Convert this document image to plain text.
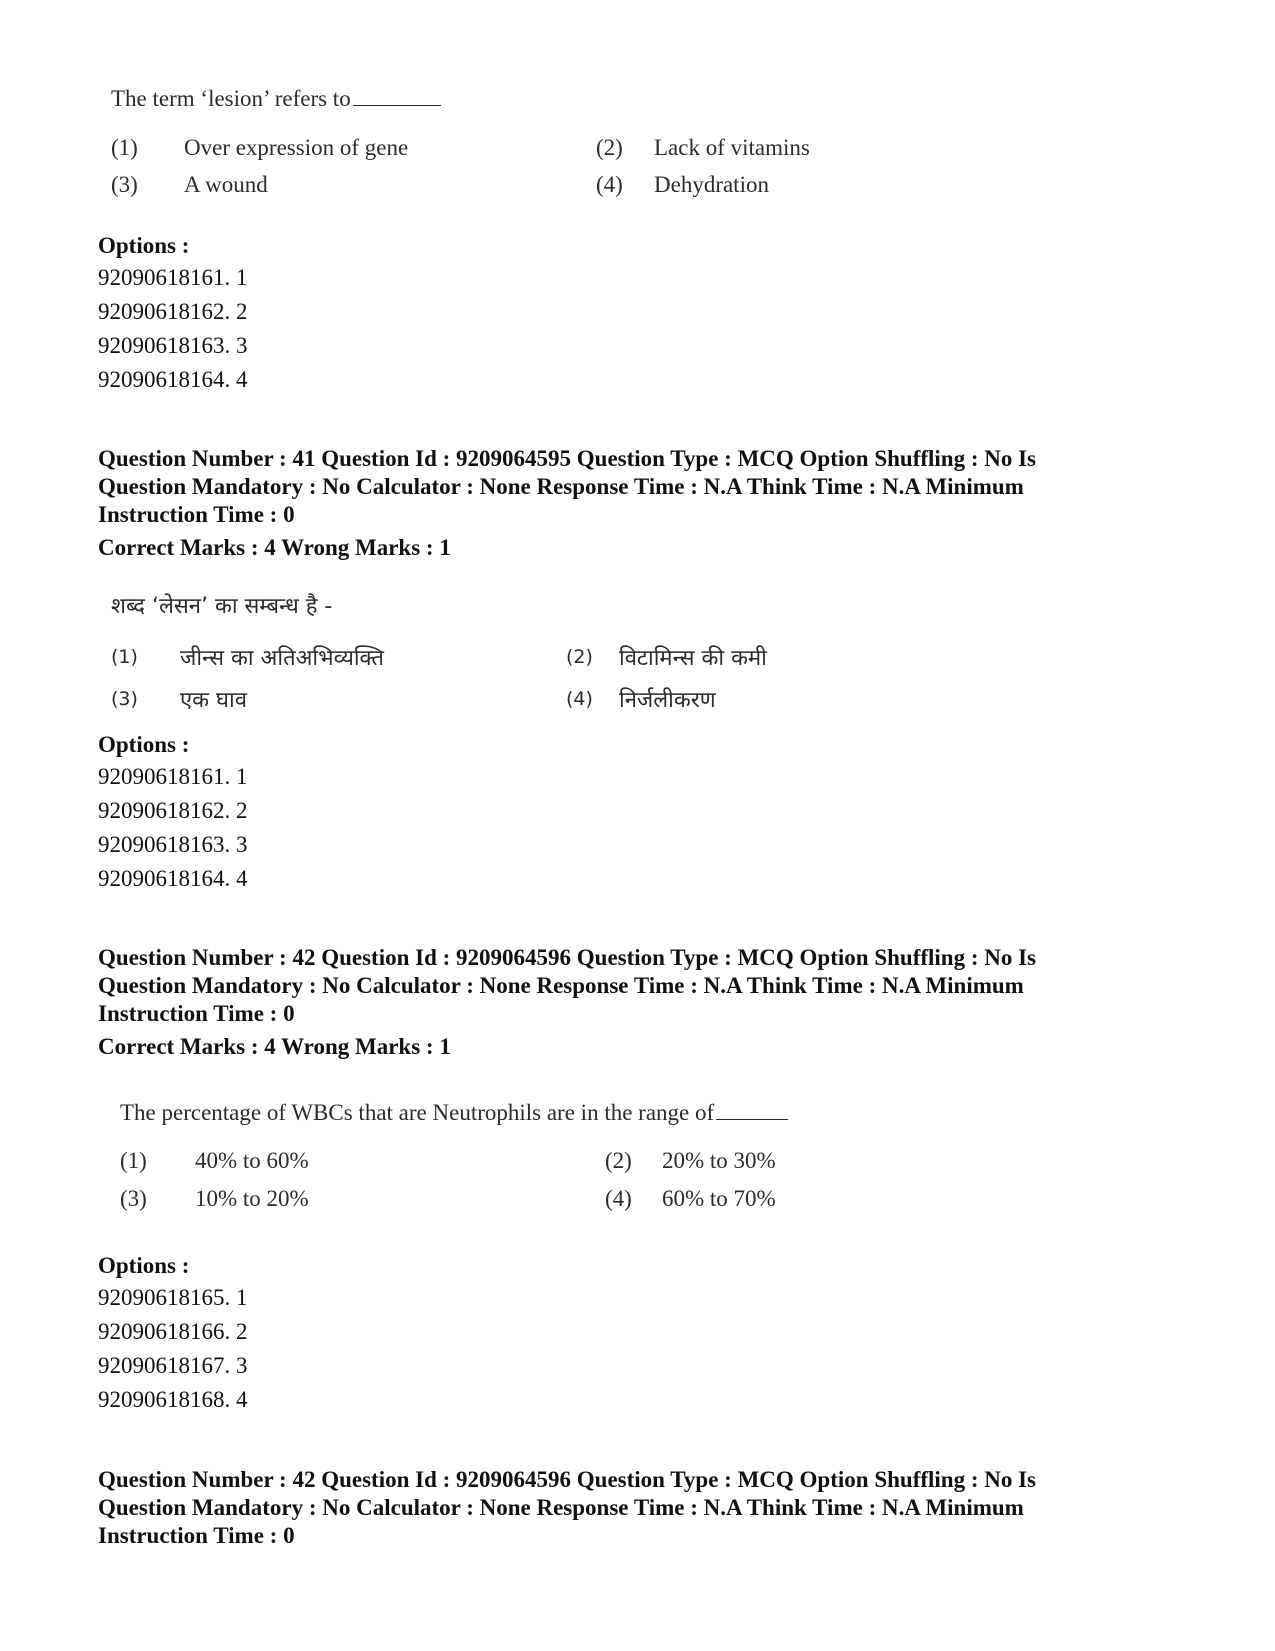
The term ‘lesion’ refers to
(1) Over expression of gene	(2) Lack of vitamins
(3) A wound	(4) Dehydration
Options :
92090618161. 1
92090618162. 2
92090618163. 3
92090618164. 4
Question Number : 41 Question Id : 9209064595 Question Type : MCQ Option Shuffling : No Is
Question Mandatory : No Calculator : None Response Time : N.A Think Time : N.A Minimum
Instruction Time : 0
Correct Marks : 4 Wrong Marks : 1
शब्द ‘लेसन’ का सम्बन्ध है -
(1) जीन्स का अतिअभिव्यक्ति	(2) विटामिन्स की कमी
(3) एक घाव	(4) निर्जलीकरण
Options :
92090618161. 1
92090618162. 2
92090618163. 3
92090618164. 4
Question Number : 42 Question Id : 9209064596 Question Type : MCQ Option Shuffling : No Is
Question Mandatory : No Calculator : None Response Time : N.A Think Time : N.A Minimum
Instruction Time : 0
Correct Marks : 4 Wrong Marks : 1
The percentage of WBCs that are Neutrophils are in the range of
(1) 40% to 60%	(2) 20% to 30%
(3) 10% to 20%	(4) 60% to 70%
Options :
92090618165. 1
92090618166. 2
92090618167. 3
92090618168. 4
Question Number : 42 Question Id : 9209064596 Question Type : MCQ Option Shuffling : No Is
Question Mandatory : No Calculator : None Response Time : N.A Think Time : N.A Minimum
Instruction Time : 0
